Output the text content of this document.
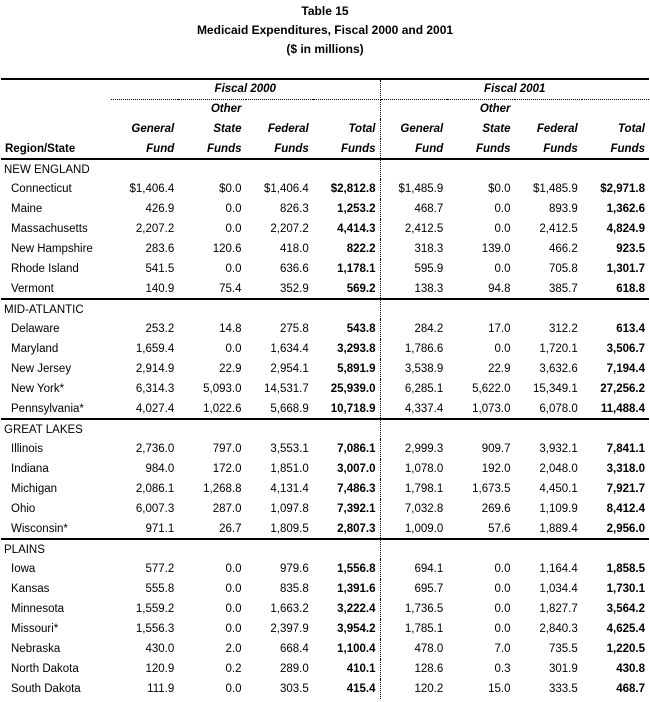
Table 15
Medicaid Expenditures, Fiscal 2000 and 2001
($ in millions)
	Fiscal 2000				Fiscal 2001			
		Other				Other		
	General	State	Federal	Total	General	State	Federal	Total
Region/State	Fund	Funds	Funds	Funds	Fund	Funds	Funds	Funds
NEW ENGLAND								
Connecticut	$1,406.4	$0.0	$1,406.4	$2,812.8	$1,485.9	$0.0	$1,485.9	$2,971.8
Maine	426.9	0.0	826.3	1,253.2	468.7	0.0	893.9	1,362.6
Massachusetts	2,207.2	0.0	2,207.2	4,414.3	2,412.5	0.0	2,412.5	4,824.9
New Hampshire	283.6	120.6	418.0	822.2	318.3	139.0	466.2	923.5
Rhode Island	541.5	0.0	636.6	1,178.1	595.9	0.0	705.8	1,301.7
Vermont	140.9	75.4	352.9	569.2	138.3	94.8	385.7	618.8
MID-ATLANTIC								
Delaware	253.2	14.8	275.8	543.8	284.2	17.0	312.2	613.4
Maryland	1,659.4	0.0	1,634.4	3,293.8	1,786.6	0.0	1,720.1	3,506.7
New Jersey	2,914.9	22.9	2,954.1	5,891.9	3,538.9	22.9	3,632.6	7,194.4
New York*	6,314.3	5,093.0	14,531.7	25,939.0	6,285.1	5,622.0	15,349.1	27,256.2
Pennsylvania*	4,027.4	1,022.6	5,668.9	10,718.9	4,337.4	1,073.0	6,078.0	11,488.4
GREAT LAKES								
Illinois	2,736.0	797.0	3,553.1	7,086.1	2,999.3	909.7	3,932.1	7,841.1
Indiana	984.0	172.0	1,851.0	3,007.0	1,078.0	192.0	2,048.0	3,318.0
Michigan	2,086.1	1,268.8	4,131.4	7,486.3	1,798.1	1,673.5	4,450.1	7,921.7
Ohio	6,007.3	287.0	1,097.8	7,392.1	7,032.8	269.6	1,109.9	8,412.4
Wisconsin*	971.1	26.7	1,809.5	2,807.3	1,009.0	57.6	1,889.4	2,956.0
PLAINS								
Iowa	577.2	0.0	979.6	1,556.8	694.1	0.0	1,164.4	1,858.5
Kansas	555.8	0.0	835.8	1,391.6	695.7	0.0	1,034.4	1,730.1
Minnesota	1,559.2	0.0	1,663.2	3,222.4	1,736.5	0.0	1,827.7	3,564.2
Missouri*	1,556.3	0.0	2,397.9	3,954.2	1,785.1	0.0	2,840.3	4,625.4
Nebraska	430.0	2.0	668.4	1,100.4	478.0	7.0	735.5	1,220.5
North Dakota	120.9	0.2	289.0	410.1	128.6	0.3	301.9	430.8
South Dakota	111.9	0.0	303.5	415.4	120.2	15.0	333.5	468.7
